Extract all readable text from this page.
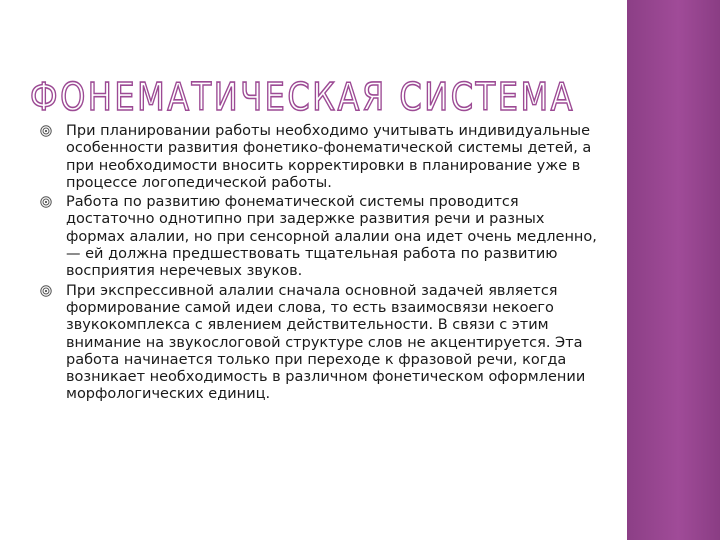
ФОНЕМАТИЧЕСКАЯ СИСТЕМА
При планировании работы необходимо учитывать индивидуальные особенности развития фонетико-фонематической системы детей, а при необходимости вносить корректировки в планирование уже в процессе логопедической работы.
Работа по развитию фонематической системы проводится достаточно однотипно при задержке развития речи и разных формах алалии, но при сенсорной алалии она идет очень медленно, — ей должна предшествовать тщательная работа по развитию восприятия неречевых звуков.
При экспрессивной алалии сначала основной задачей является формирование самой идеи слова, то есть взаимосвязи некоего звукокомплекса с явлением действительности. В связи с этим внимание на звукослоговой структуре слов не акцентируется. Эта работа начинается только при переходе к фразовой речи, когда возникает необходимость в различном фонетическом оформлении морфологических единиц.
